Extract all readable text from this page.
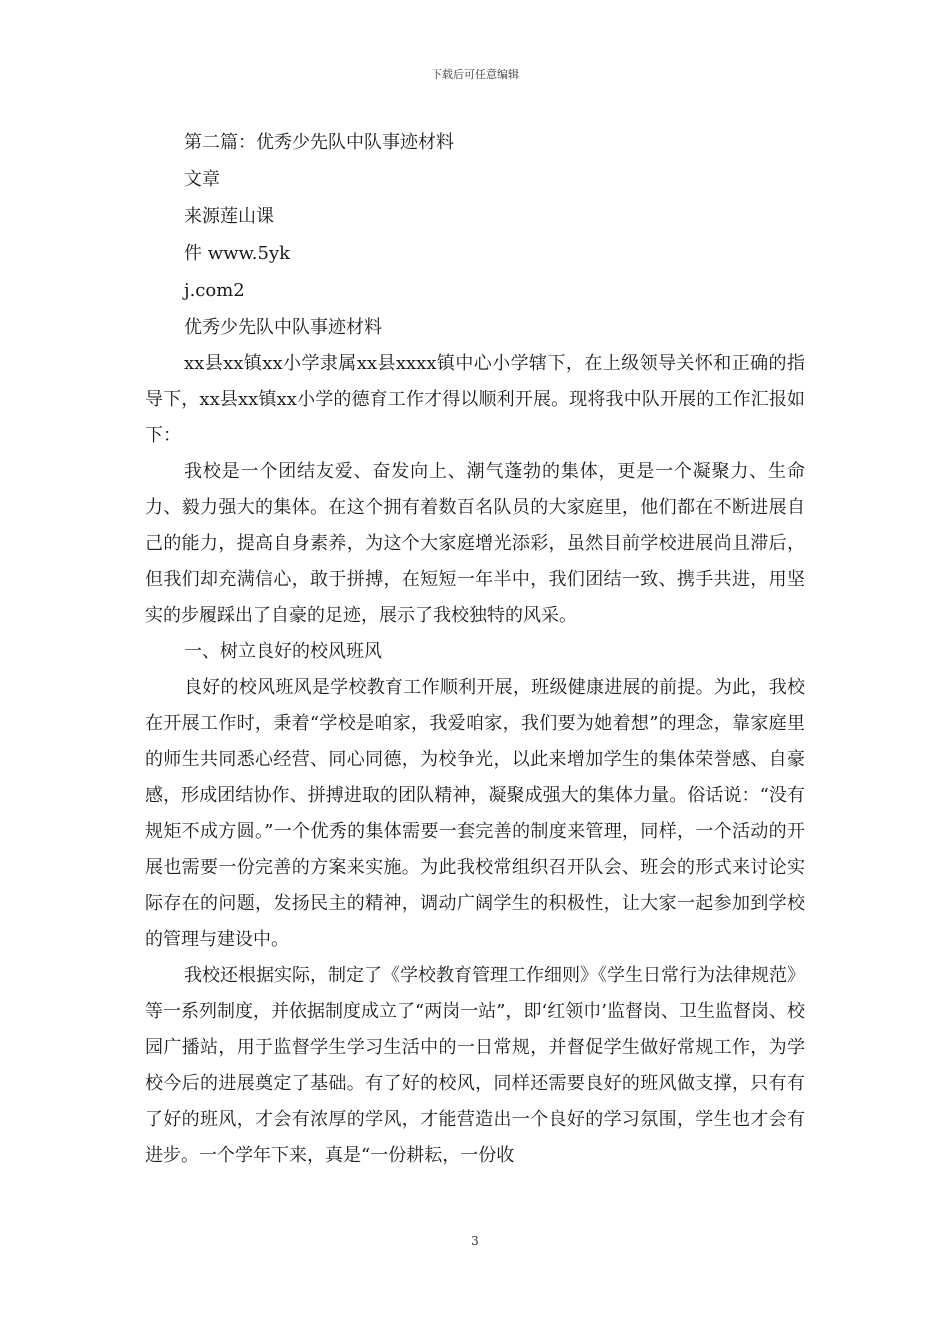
下载后可任意编辑
第二篇：优秀少先队中队事迹材料
文章
来源莲山课
件 www.5yk
j.com2
优秀少先队中队事迹材料

xx县xx镇xx小学隶属xx县xxxx镇中心小学辖下，在上级领导关怀和正确的指导下，xx县xx镇xx小学的德育工作才得以顺利开展。现将我中队开展的工作汇报如下：

我校是一个团结友爱、奋发向上、潮气蓬勃的集体，更是一个凝聚力、生命力、毅力强大的集体。在这个拥有着数百名队员的大家庭里，他们都在不断进展自己的能力，提高自身素养，为这个大家庭增光添彩，虽然目前学校进展尚且滞后，但我们却充满信心，敢于拼搏，在短短一年半中，我们团结一致、携手共进，用坚实的步履踩出了自豪的足迹，展示了我校独特的风采。

一、树立良好的校风班风

良好的校风班风是学校教育工作顺利开展，班级健康进展的前提。为此，我校在开展工作时，秉着“学校是咱家，我爱咱家，我们要为她着想”的理念，靠家庭里的师生共同悉心经营、同心同德，为校争光，以此来增加学生的集体荣誉感、自豪感，形成团结协作、拼搏进取的团队精神，凝聚成强大的集体力量。俗话说：“没有规矩不成方圆。”一个优秀的集体需要一套完善的制度来管理，同样，一个活动的开展也需要一份完善的方案来实施。为此我校常组织召开队会、班会的形式来讨论实际存在的问题，发扬民主的精神，调动广阔学生的积极性，让大家一起参加到学校的管理与建设中。

我校还根据实际，制定了《学校教育管理工作细则》《学生日常行为法律规范》等一系列制度，并依据制度成立了“两岗一站”，即‘红领巾’监督岗、卫生监督岗、校园广播站，用于监督学生学习生活中的一日常规，并督促学生做好常规工作，为学校今后的进展奠定了基础。有了好的校风，同样还需要良好的班风做支撑，只有有了好的班风，才会有浓厚的学风，才能营造出一个良好的学习氛围，学生也才会有进步。一个学年下来，真是“一份耕耘，一份收

3
